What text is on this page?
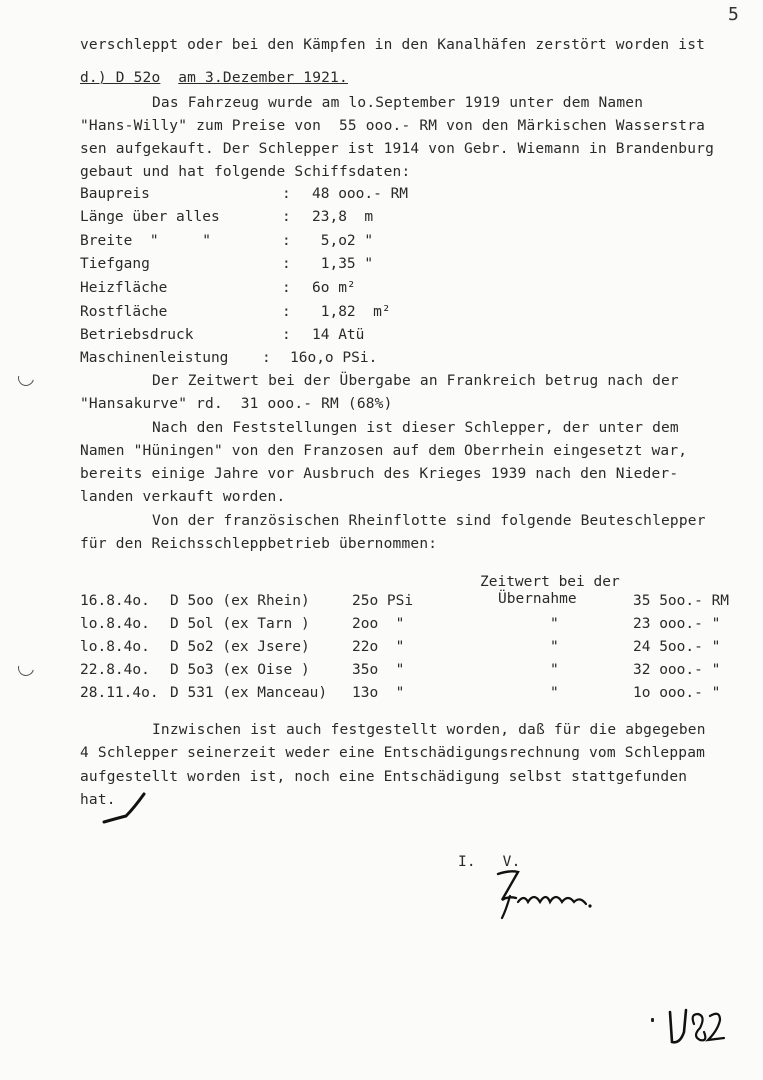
5
verschleppt oder bei den Kämpfen in den Kanalhäfen zerstört worden ist
d.) D 52o am 3.Dezember 1921.
Das Fahrzeug wurde am lo.September 1919 unter dem Namen
"Hans-Willy" zum Preise von  55 ooo.- RM von den Märkischen Wasserstra
sen aufgekauft. Der Schlepper ist 1914 von Gebr. Wiemann in Brandenburg
gebaut und hat folgende Schiffsdaten:
Baupreis	: 48 ooo.- RM
Länge über alles	: 23,8  m
Breite  "     "	: 5,o2 "
Tiefgang	: 1,35 "
Heizfläche	: 6o m²
Rostfläche	: 1,82  m²
Betriebsdruck	: 14 Atü
Maschinenleistung : 16o,o PSi.
Der Zeitwert bei der Übergabe an Frankreich betrug nach der
"Hansakurve" rd.  31 ooo.- RM (68%)
Nach den Feststellungen ist dieser Schlepper, der unter dem
Namen "Hüningen" von den Franzosen auf dem Oberrhein eingesetzt war,
bereits einige Jahre vor Ausbruch des Krieges 1939 nach den Nieder-
landen verkauft worden.
Von der französischen Rheinflotte sind folgende Beuteschlepper
für den Reichsschleppbetrieb übernommen:
Zeitwert bei der
Übernahme
16.8.4o. D 5oo (ex Rhein)	25o PSi	35 5oo.- RM
lo.8.4o. D 5ol (ex Tarn )	2oo  "	"	23 ooo.- "
lo.8.4o. D 5o2 (ex Jsere)	22o  "	"	24 5oo.- "
22.8.4o. D 5o3 (ex Oise )	35o  "	"	32 ooo.- "
28.11.4o. D 531 (ex Manceau) 13o  "	"	1o ooo.- "
Inzwischen ist auch festgestellt worden, daß für die abgegeben
4 Schlepper seinerzeit weder eine Entschädigungsrechnung vom Schleppam
aufgestellt worden ist, noch eine Entschädigung selbst stattgefunden
hat.
I.   V.
